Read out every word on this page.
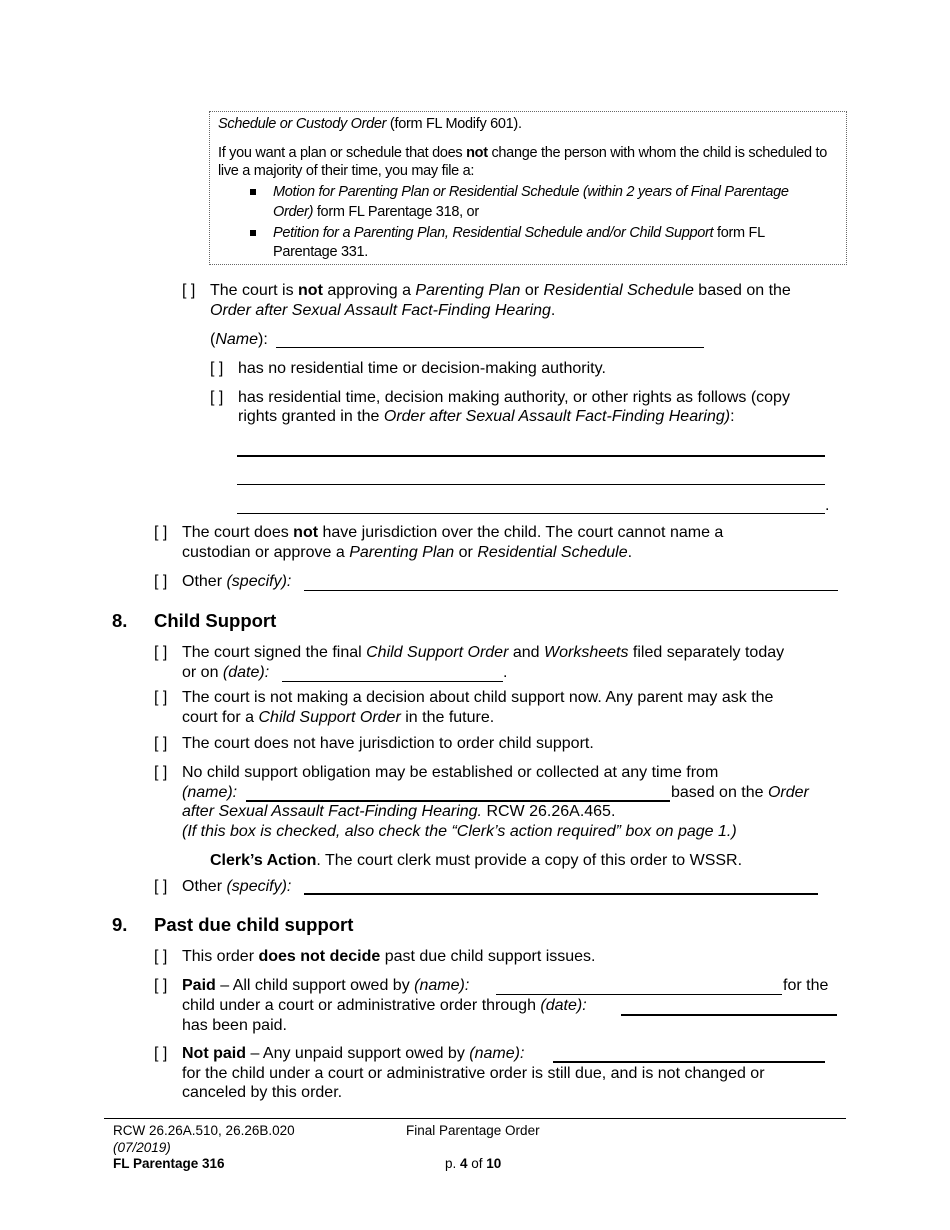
Schedule or Custody Order (form FL Modify 601).
If you want a plan or schedule that does not change the person with whom the child is scheduled to
live a majority of their time, you may file a:
Motion for Parenting Plan or Residential Schedule (within 2 years of Final Parentage
Order) form FL Parentage 318, or
Petition for a Parenting Plan, Residential Schedule and/or Child Support form FL
Parentage 331.
[ ] The court is not approving a Parenting Plan or Residential Schedule based on the
Order after Sexual Assault Fact-Finding Hearing.
(Name):
[ ] has no residential time or decision-making authority.
[ ] has residential time, decision making authority, or other rights as follows (copy
rights granted in the Order after Sexual Assault Fact-Finding Hearing):
.
[ ] The court does not have jurisdiction over the child. The court cannot name a
custodian or approve a Parenting Plan or Residential Schedule.
[ ] Other (specify):
8. Child Support
[ ] The court signed the final Child Support Order and Worksheets filed separately today
or on (date):	.
[ ] The court is not making a decision about child support now. Any parent may ask the
court for a Child Support Order in the future.
[ ] The court does not have jurisdiction to order child support.
[ ] No child support obligation may be established or collected at any time from
(name):	based on the Order
after Sexual Assault Fact-Finding Hearing. RCW 26.26A.465.
(If this box is checked, also check the “Clerk’s action required” box on page 1.)
Clerk’s Action. The court clerk must provide a copy of this order to WSSR.
[ ] Other (specify):
9. Past due child support
[ ] This order does not decide past due child support issues.
[ ] Paid – All child support owed by (name):	for the
child under a court or administrative order through (date):
has been paid.
[ ] Not paid – Any unpaid support owed by (name):
for the child under a court or administrative order is still due, and is not changed or
canceled by this order.
RCW 26.26A.510, 26.26B.020
(07/2019)
FL Parentage 316
Final Parentage Order
p. 4 of 10
